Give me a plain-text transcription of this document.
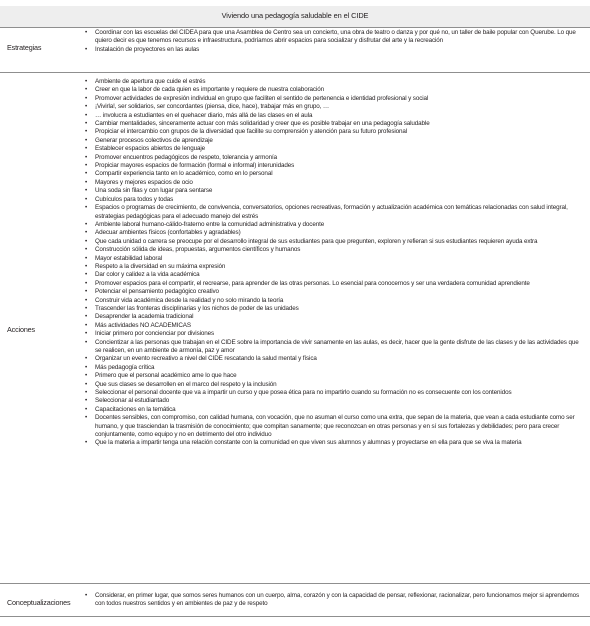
Viviendo una pedagogía saludable en el CIDE
Estrategias
• Coordinar con las escuelas del CIDEA para que una Asamblea de Centro sea un concierto, una obra de teatro o danza y por qué no, un taller de baile popular con Querube. Lo que quiero decir es que tenemos recursos e infraestructura, podríamos abrir espacios para socializar y disfrutar del arte y la recreación
• Instalación de proyectores en las aulas
Acciones
• Ambiente de apertura que cuide el estrés
• Creer en que la labor de cada quien es importante y requiere de nuestra colaboración
• Promover actividades de expresión individual en grupo que faciliten el sentido de pertenencia e identidad profesional y social
• ¡Vivirla!, ser solidarios, ser concordantes (piensa, dice, hace), trabajar más en grupo, …
• … involucra a estudiantes en el quehacer diario, más allá de las clases en el aula
• Cambiar mentalidades, sinceramente actuar con más solidaridad y creer que es posible trabajar en una pedagogía saludable
• Propiciar el intercambio con grupos de la diversidad que facilite su comprensión y atención para su futuro profesional
• Generar procesos colectivos de aprendizaje
• Establecer espacios abiertos de lenguaje
• Promover encuentros pedagógicos de respeto, tolerancia y armonía
• Propiciar mayores espacios de formación (formal e informal) interunidades
• Compartir experiencia tanto en lo académico, como en lo personal
• Mayores y mejores espacios de ocio
• Una soda sin filas y con lugar para sentarse
• Cubículos para todos y todas
• Espacios o programas de crecimiento, de convivencia, conversatorios, opciones recreativas, formación y actualización académica con temáticas relacionadas con salud integral, estrategias pedagógicas para el adecuado manejo del estrés
• Ambiente laboral humano-cálido-fraterno entre la comunidad administrativa y docente
• Adecuar ambientes físicos (confortables y agradables)
• Que cada unidad o carrera se preocupe por el desarrollo integral de sus estudiantes para que pregunten, exploren y refieran si sus estudiantes requieren ayuda extra
• Construcción sólida de ideas, propuestas, argumentos científicos y humanos
• Mayor estabilidad laboral
• Respeto a la diversidad en su máxima expresión
• Dar color y calidez a la vida académica
• Promover espacios para el compartir, el recrearse, para aprender de las otras personas. Lo esencial para conocernos y ser una verdadera comunidad aprendiente
• Potenciar el pensamiento pedagógico creativo
• Construir vida académica desde la realidad y no solo mirando la teoría
• Trascender las fronteras disciplinarias y los nichos de poder de las unidades
• Desaprender la academia tradicional
• Más actividades NO ACADEMICAS
• Iniciar primero por concienciar por divisiones
• Concientizar a las personas que trabajan en el CIDE sobre la importancia de vivir sanamente en las aulas, es decir, hacer que la gente disfrute de las clases y de las actividades que se realicen, en un ambiente de armonía, paz y amor
• Organizar un evento recreativo a nivel del CIDE rescatando la salud mental y física
• Más pedagogía crítica
• Primero que el personal académico ame lo que hace
• Que sus clases se desarrollen en el marco del respeto y la inclusión
• Seleccionar el personal docente que va a impartir un curso y que posea ética para no impartirlo cuando su formación no es consecuente con los contenidos
• Seleccionar al estudiantado
• Capacitaciones en la temática
• Docentes sensibles, con compromiso, con calidad humana, con vocación, que no asuman el curso como una extra, que sepan de la materia, que vean a cada estudiante como ser humano, y que trasciendan la trasmisión de conocimiento; que compitan sanamente; que reconozcan en otras personas y en sí sus fortalezas y debilidades; pero para crecer conjuntamente, como equipo y no en detrimento del otro individuo
• Que la materia a impartir tenga una relación constante con la comunidad en que viven sus alumnos y alumnas y proyectarse en ella para que se viva la materia
Conceptualizaciones
• Considerar, en primer lugar, que somos seres humanos con un cuerpo, alma, corazón y con la capacidad de pensar, reflexionar, racionalizar, pero funcionamos mejor si aprendemos con todos nuestros sentidos y en ambientes de paz y de respeto
